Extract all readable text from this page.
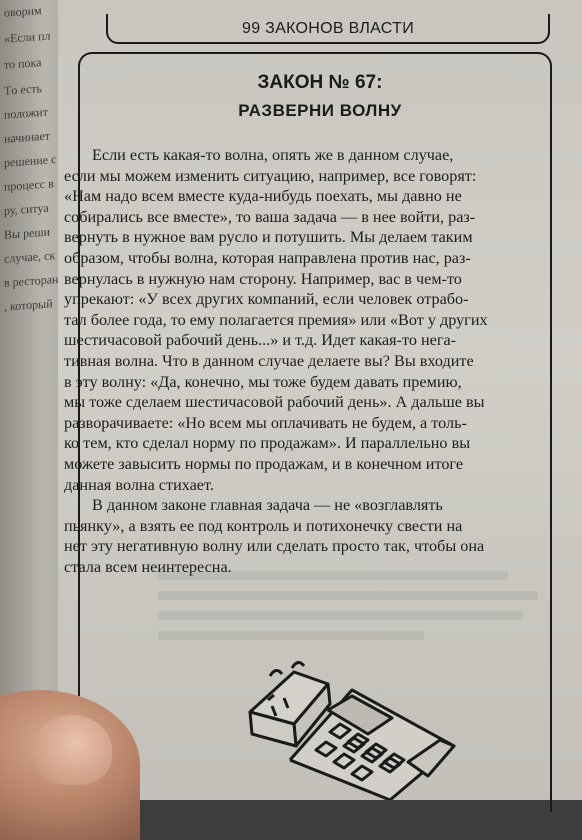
оворим
«Если пл
то пока
Тo есть
положит
начинает
решение с
процесс в
ру, ситуа
Вы реши
случае, ск
в ресторан
, который
99 ЗАКОНОВ ВЛАСТИ
ЗАКОН № 67:
РАЗВЕРНИ ВОЛНУ
Если есть какая-то волна, опять же в данном случае,
если мы можем изменить ситуацию, например, все говорят:
«Нам надо всем вместе куда-нибудь поехать, мы давно не
собирались все вместе», то ваша задача — в нее войти, раз-
вернуть в нужное вам русло и потушить. Мы делаем таким
образом, чтобы волна, которая направлена против нас, раз-
вернулась в нужную нам сторону. Например, вас в чем-то
упрекают: «У всех других компаний, если человек отрабо-
тал более года, то ему полагается премия» или «Вот у других
шестичасовой рабочий день...» и т.д. Идет какая-то нега-
тивная волна. Что в данном случае делаете вы? Вы входите
в эту волну: «Да, конечно, мы тоже будем давать премию,
мы тоже сделаем шестичасовой рабочий день». А дальше вы
разворачиваете: «Но всем мы оплачивать не будем, а толь-
ко тем, кто сделал норму по продажам». И параллельно вы
можете завысить нормы по продажам, и в конечном итоге
данная волна стихает.
В данном законе главная задача — не «возглавлять
пьянку», а взять ее под контроль и потихонечку свести на
нет эту негативную волну или сделать просто так, чтобы она
стала всем неинтересна.
